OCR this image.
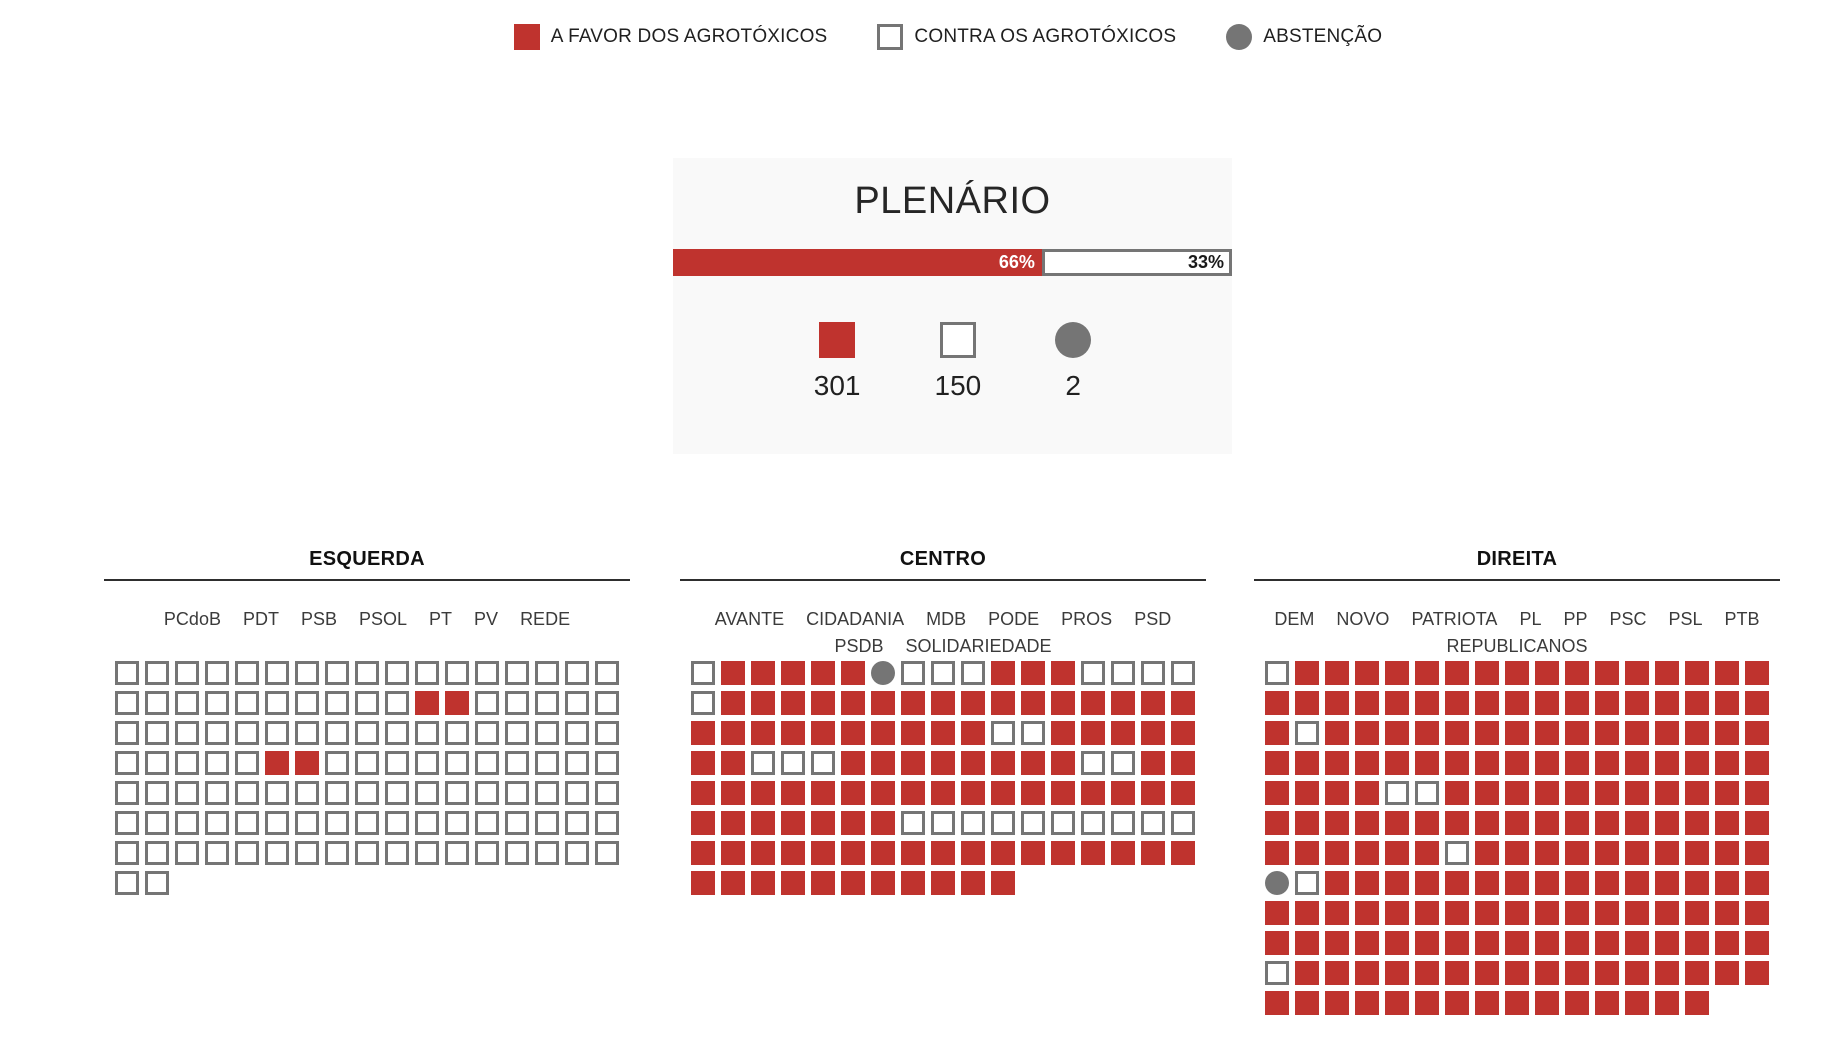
A FAVOR DOS AGROTÓXICOS	CONTRA OS AGROTÓXICOS	ABSTENÇÃO
PLENÁRIO
66%	33%
301	150	2
ESQUERDA
PCdoB PDT PSB PSOL PT PV REDE
CENTRO
AVANTE CIDADANIA MDB PODE PROS PSD
PSDB SOLIDARIEDADE
DIREITA
DEM NOVO PATRIOTA PL PP PSC PSL PTB
REPUBLICANOS
